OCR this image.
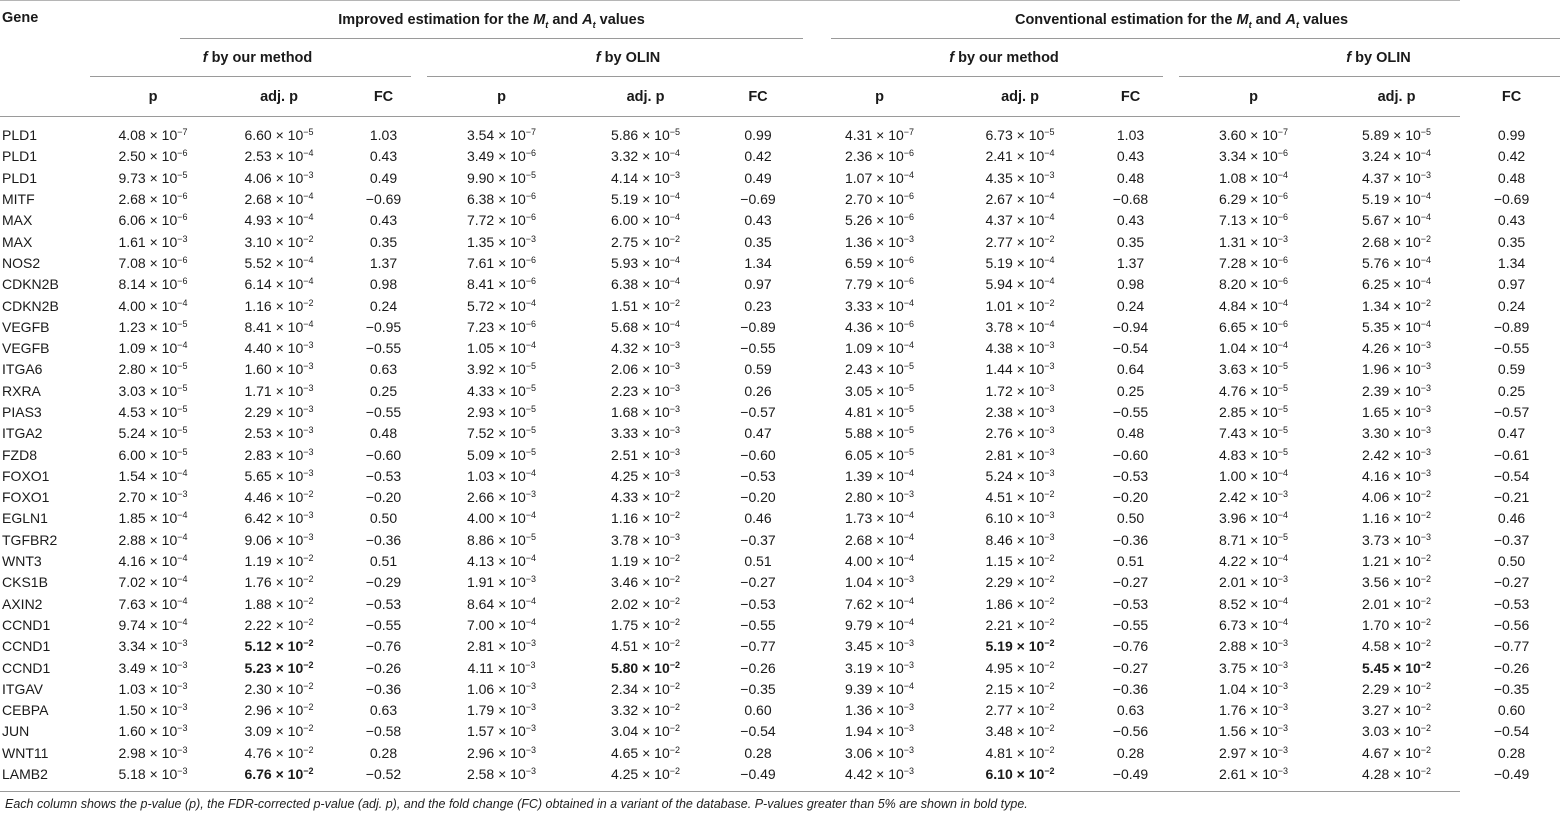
Gene	Improved estimation for the $M_t$ and $A_t$ values						Conventional estimation for the $M_t$ and $A_t$ values					
	f by our method			f by OLIN			f by our method			f by OLIN		
	p	adj. p	FC	p	adj. p	FC	p	adj. p	FC	p	adj. p	FC
PLD1	$4.08 \times 10^{-7}$	$6.60 \times 10^{-5}$	1.03	$3.54 \times 10^{-7}$	$5.86 \times 10^{-5}$	0.99	$4.31 \times 10^{-7}$	$6.73 \times 10^{-5}$	1.03	$3.60 \times 10^{-7}$	$5.89 \times 10^{-5}$	0.99
PLD1	$2.50 \times 10^{-6}$	$2.53 \times 10^{-4}$	0.43	$3.49 \times 10^{-6}$	$3.32 \times 10^{-4}$	0.42	$2.36 \times 10^{-6}$	$2.41 \times 10^{-4}$	0.43	$3.34 \times 10^{-6}$	$3.24 \times 10^{-4}$	0.42
PLD1	$9.73 \times 10^{-5}$	$4.06 \times 10^{-3}$	0.49	$9.90 \times 10^{-5}$	$4.14 \times 10^{-3}$	0.49	$1.07 \times 10^{-4}$	$4.35 \times 10^{-3}$	0.48	$1.08 \times 10^{-4}$	$4.37 \times 10^{-3}$	0.48
MITF	$2.68 \times 10^{-6}$	$2.68 \times 10^{-4}$	−0.69	$6.38 \times 10^{-6}$	$5.19 \times 10^{-4}$	−0.69	$2.70 \times 10^{-6}$	$2.67 \times 10^{-4}$	−0.68	$6.29 \times 10^{-6}$	$5.19 \times 10^{-4}$	−0.69
MAX	$6.06 \times 10^{-6}$	$4.93 \times 10^{-4}$	0.43	$7.72 \times 10^{-6}$	$6.00 \times 10^{-4}$	0.43	$5.26 \times 10^{-6}$	$4.37 \times 10^{-4}$	0.43	$7.13 \times 10^{-6}$	$5.67 \times 10^{-4}$	0.43
MAX	$1.61 \times 10^{-3}$	$3.10 \times 10^{-2}$	0.35	$1.35 \times 10^{-3}$	$2.75 \times 10^{-2}$	0.35	$1.36 \times 10^{-3}$	$2.77 \times 10^{-2}$	0.35	$1.31 \times 10^{-3}$	$2.68 \times 10^{-2}$	0.35
NOS2	$7.08 \times 10^{-6}$	$5.52 \times 10^{-4}$	1.37	$7.61 \times 10^{-6}$	$5.93 \times 10^{-4}$	1.34	$6.59 \times 10^{-6}$	$5.19 \times 10^{-4}$	1.37	$7.28 \times 10^{-6}$	$5.76 \times 10^{-4}$	1.34
CDKN2B	$8.14 \times 10^{-6}$	$6.14 \times 10^{-4}$	0.98	$8.41 \times 10^{-6}$	$6.38 \times 10^{-4}$	0.97	$7.79 \times 10^{-6}$	$5.94 \times 10^{-4}$	0.98	$8.20 \times 10^{-6}$	$6.25 \times 10^{-4}$	0.97
CDKN2B	$4.00 \times 10^{-4}$	$1.16 \times 10^{-2}$	0.24	$5.72 \times 10^{-4}$	$1.51 \times 10^{-2}$	0.23	$3.33 \times 10^{-4}$	$1.01 \times 10^{-2}$	0.24	$4.84 \times 10^{-4}$	$1.34 \times 10^{-2}$	0.24
VEGFB	$1.23 \times 10^{-5}$	$8.41 \times 10^{-4}$	−0.95	$7.23 \times 10^{-6}$	$5.68 \times 10^{-4}$	−0.89	$4.36 \times 10^{-6}$	$3.78 \times 10^{-4}$	−0.94	$6.65 \times 10^{-6}$	$5.35 \times 10^{-4}$	−0.89
VEGFB	$1.09 \times 10^{-4}$	$4.40 \times 10^{-3}$	−0.55	$1.05 \times 10^{-4}$	$4.32 \times 10^{-3}$	−0.55	$1.09 \times 10^{-4}$	$4.38 \times 10^{-3}$	−0.54	$1.04 \times 10^{-4}$	$4.26 \times 10^{-3}$	−0.55
ITGA6	$2.80 \times 10^{-5}$	$1.60 \times 10^{-3}$	0.63	$3.92 \times 10^{-5}$	$2.06 \times 10^{-3}$	0.59	$2.43 \times 10^{-5}$	$1.44 \times 10^{-3}$	0.64	$3.63 \times 10^{-5}$	$1.96 \times 10^{-3}$	0.59
RXRA	$3.03 \times 10^{-5}$	$1.71 \times 10^{-3}$	0.25	$4.33 \times 10^{-5}$	$2.23 \times 10^{-3}$	0.26	$3.05 \times 10^{-5}$	$1.72 \times 10^{-3}$	0.25	$4.76 \times 10^{-5}$	$2.39 \times 10^{-3}$	0.25
PIAS3	$4.53 \times 10^{-5}$	$2.29 \times 10^{-3}$	−0.55	$2.93 \times 10^{-5}$	$1.68 \times 10^{-3}$	−0.57	$4.81 \times 10^{-5}$	$2.38 \times 10^{-3}$	−0.55	$2.85 \times 10^{-5}$	$1.65 \times 10^{-3}$	−0.57
ITGA2	$5.24 \times 10^{-5}$	$2.53 \times 10^{-3}$	0.48	$7.52 \times 10^{-5}$	$3.33 \times 10^{-3}$	0.47	$5.88 \times 10^{-5}$	$2.76 \times 10^{-3}$	0.48	$7.43 \times 10^{-5}$	$3.30 \times 10^{-3}$	0.47
FZD8	$6.00 \times 10^{-5}$	$2.83 \times 10^{-3}$	−0.60	$5.09 \times 10^{-5}$	$2.51 \times 10^{-3}$	−0.60	$6.05 \times 10^{-5}$	$2.81 \times 10^{-3}$	−0.60	$4.83 \times 10^{-5}$	$2.42 \times 10^{-3}$	−0.61
FOXO1	$1.54 \times 10^{-4}$	$5.65 \times 10^{-3}$	−0.53	$1.03 \times 10^{-4}$	$4.25 \times 10^{-3}$	−0.53	$1.39 \times 10^{-4}$	$5.24 \times 10^{-3}$	−0.53	$1.00 \times 10^{-4}$	$4.16 \times 10^{-3}$	−0.54
FOXO1	$2.70 \times 10^{-3}$	$4.46 \times 10^{-2}$	−0.20	$2.66 \times 10^{-3}$	$4.33 \times 10^{-2}$	−0.20	$2.80 \times 10^{-3}$	$4.51 \times 10^{-2}$	−0.20	$2.42 \times 10^{-3}$	$4.06 \times 10^{-2}$	−0.21
EGLN1	$1.85 \times 10^{-4}$	$6.42 \times 10^{-3}$	0.50	$4.00 \times 10^{-4}$	$1.16 \times 10^{-2}$	0.46	$1.73 \times 10^{-4}$	$6.10 \times 10^{-3}$	0.50	$3.96 \times 10^{-4}$	$1.16 \times 10^{-2}$	0.46
TGFBR2	$2.88 \times 10^{-4}$	$9.06 \times 10^{-3}$	−0.36	$8.86 \times 10^{-5}$	$3.78 \times 10^{-3}$	−0.37	$2.68 \times 10^{-4}$	$8.46 \times 10^{-3}$	−0.36	$8.71 \times 10^{-5}$	$3.73 \times 10^{-3}$	−0.37
WNT3	$4.16 \times 10^{-4}$	$1.19 \times 10^{-2}$	0.51	$4.13 \times 10^{-4}$	$1.19 \times 10^{-2}$	0.51	$4.00 \times 10^{-4}$	$1.15 \times 10^{-2}$	0.51	$4.22 \times 10^{-4}$	$1.21 \times 10^{-2}$	0.50
CKS1B	$7.02 \times 10^{-4}$	$1.76 \times 10^{-2}$	−0.29	$1.91 \times 10^{-3}$	$3.46 \times 10^{-2}$	−0.27	$1.04 \times 10^{-3}$	$2.29 \times 10^{-2}$	−0.27	$2.01 \times 10^{-3}$	$3.56 \times 10^{-2}$	−0.27
AXIN2	$7.63 \times 10^{-4}$	$1.88 \times 10^{-2}$	−0.53	$8.64 \times 10^{-4}$	$2.02 \times 10^{-2}$	−0.53	$7.62 \times 10^{-4}$	$1.86 \times 10^{-2}$	−0.53	$8.52 \times 10^{-4}$	$2.01 \times 10^{-2}$	−0.53
CCND1	$9.74 \times 10^{-4}$	$2.22 \times 10^{-2}$	−0.55	$7.00 \times 10^{-4}$	$1.75 \times 10^{-2}$	−0.55	$9.79 \times 10^{-4}$	$2.21 \times 10^{-2}$	−0.55	$6.73 \times 10^{-4}$	$1.70 \times 10^{-2}$	−0.56
CCND1	$3.34 \times 10^{-3}$	$5.12 \times 10^{-2}$	−0.76	$2.81 \times 10^{-3}$	$4.51 \times 10^{-2}$	−0.77	$3.45 \times 10^{-3}$	$5.19 \times 10^{-2}$	−0.76	$2.88 \times 10^{-3}$	$4.58 \times 10^{-2}$	−0.77
CCND1	$3.49 \times 10^{-3}$	$5.23 \times 10^{-2}$	−0.26	$4.11 \times 10^{-3}$	$5.80 \times 10^{-2}$	−0.26	$3.19 \times 10^{-3}$	$4.95 \times 10^{-2}$	−0.27	$3.75 \times 10^{-3}$	$5.45 \times 10^{-2}$	−0.26
ITGAV	$1.03 \times 10^{-3}$	$2.30 \times 10^{-2}$	−0.36	$1.06 \times 10^{-3}$	$2.34 \times 10^{-2}$	−0.35	$9.39 \times 10^{-4}$	$2.15 \times 10^{-2}$	−0.36	$1.04 \times 10^{-3}$	$2.29 \times 10^{-2}$	−0.35
CEBPA	$1.50 \times 10^{-3}$	$2.96 \times 10^{-2}$	0.63	$1.79 \times 10^{-3}$	$3.32 \times 10^{-2}$	0.60	$1.36 \times 10^{-3}$	$2.77 \times 10^{-2}$	0.63	$1.76 \times 10^{-3}$	$3.27 \times 10^{-2}$	0.60
JUN	$1.60 \times 10^{-3}$	$3.09 \times 10^{-2}$	−0.58	$1.57 \times 10^{-3}$	$3.04 \times 10^{-2}$	−0.54	$1.94 \times 10^{-3}$	$3.48 \times 10^{-2}$	−0.56	$1.56 \times 10^{-3}$	$3.03 \times 10^{-2}$	−0.54
WNT11	$2.98 \times 10^{-3}$	$4.76 \times 10^{-2}$	0.28	$2.96 \times 10^{-3}$	$4.65 \times 10^{-2}$	0.28	$3.06 \times 10^{-3}$	$4.81 \times 10^{-2}$	0.28	$2.97 \times 10^{-3}$	$4.67 \times 10^{-2}$	0.28
LAMB2	$5.18 \times 10^{-3}$	$6.76 \times 10^{-2}$	−0.52	$2.58 \times 10^{-3}$	$4.25 \times 10^{-2}$	−0.49	$4.42 \times 10^{-3}$	$6.10 \times 10^{-2}$	−0.49	$2.61 \times 10^{-3}$	$4.28 \times 10^{-2}$	−0.49
Each column shows the p-value (p), the FDR-corrected p-value (adj. p), and the fold change (FC) obtained in a variant of the database. P-values greater than 5% are shown in bold type.
